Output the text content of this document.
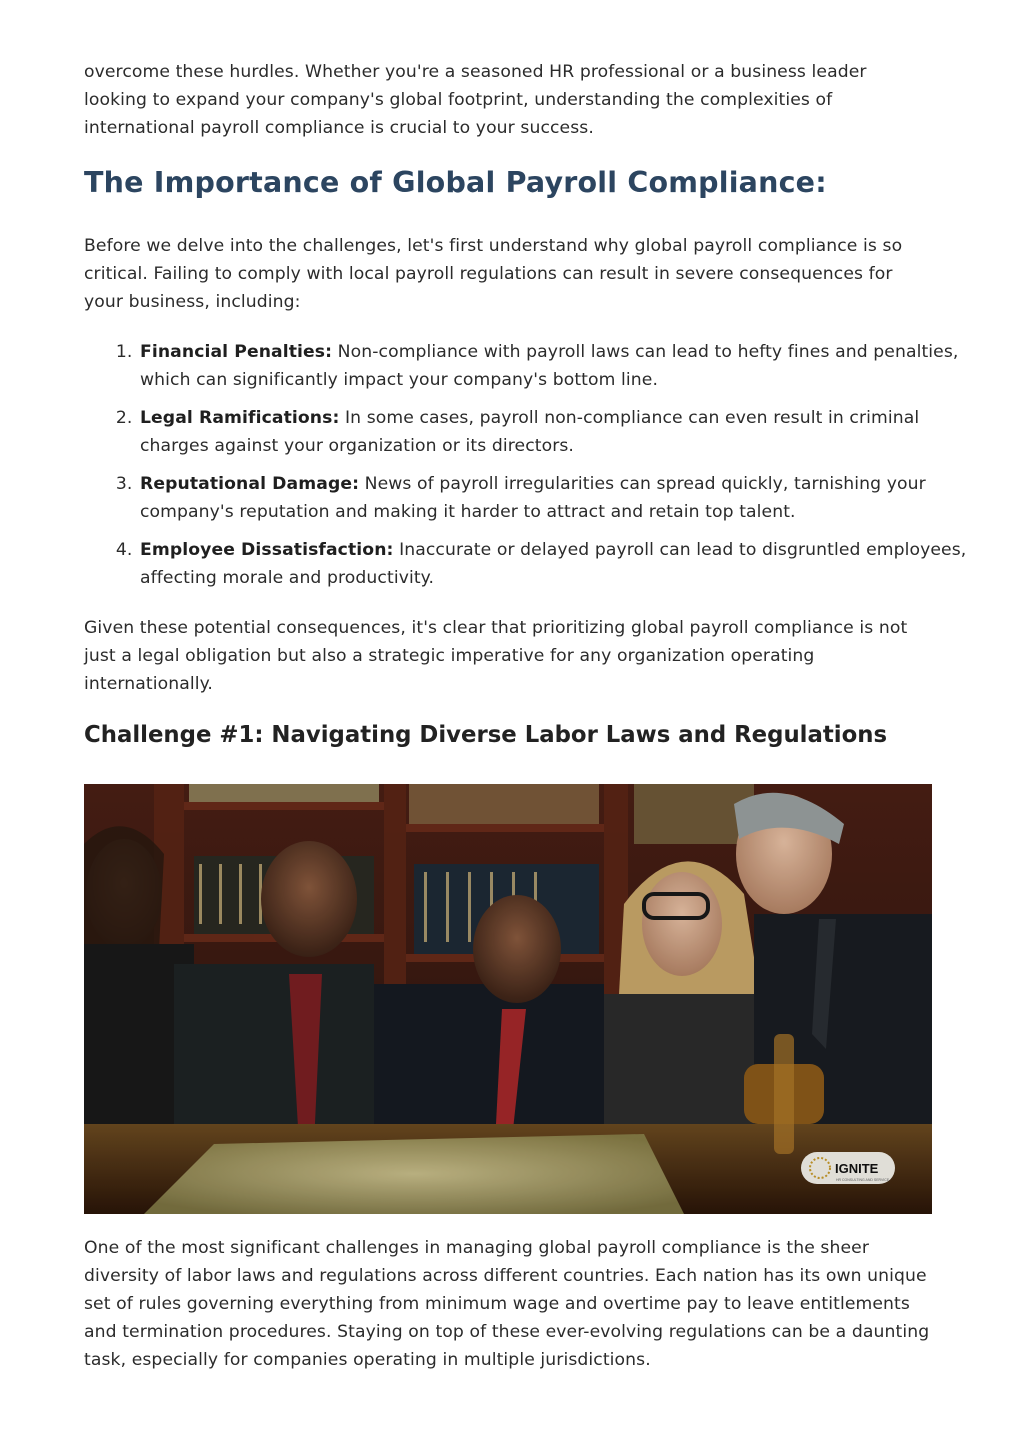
overcome these hurdles. Whether you're a seasoned HR professional or a business leader looking to expand your company's global footprint, understanding the complexities of international payroll compliance is crucial to your success.

The Importance of Global Payroll Compliance:

Before we delve into the challenges, let's first understand why global payroll compliance is so critical. Failing to comply with local payroll regulations can result in severe consequences for your business, including:

1. Financial Penalties: Non-compliance with payroll laws can lead to hefty fines and penalties, which can significantly impact your company's bottom line.
2. Legal Ramifications: In some cases, payroll non-compliance can even result in criminal charges against your organization or its directors.
3. Reputational Damage: News of payroll irregularities can spread quickly, tarnishing your company's reputation and making it harder to attract and retain top talent.
4. Employee Dissatisfaction: Inaccurate or delayed payroll can lead to disgruntled employees, affecting morale and productivity.

Given these potential consequences, it's clear that prioritizing global payroll compliance is not just a legal obligation but also a strategic imperative for any organization operating internationally.

Challenge #1: Navigating Diverse Labor Laws and Regulations
IGNITE
HR CONSULTING AND SERVICE

One of the most significant challenges in managing global payroll compliance is the sheer diversity of labor laws and regulations across different countries. Each nation has its own unique set of rules governing everything from minimum wage and overtime pay to leave entitlements and termination procedures. Staying on top of these ever-evolving regulations can be a daunting task, especially for companies operating in multiple jurisdictions.
